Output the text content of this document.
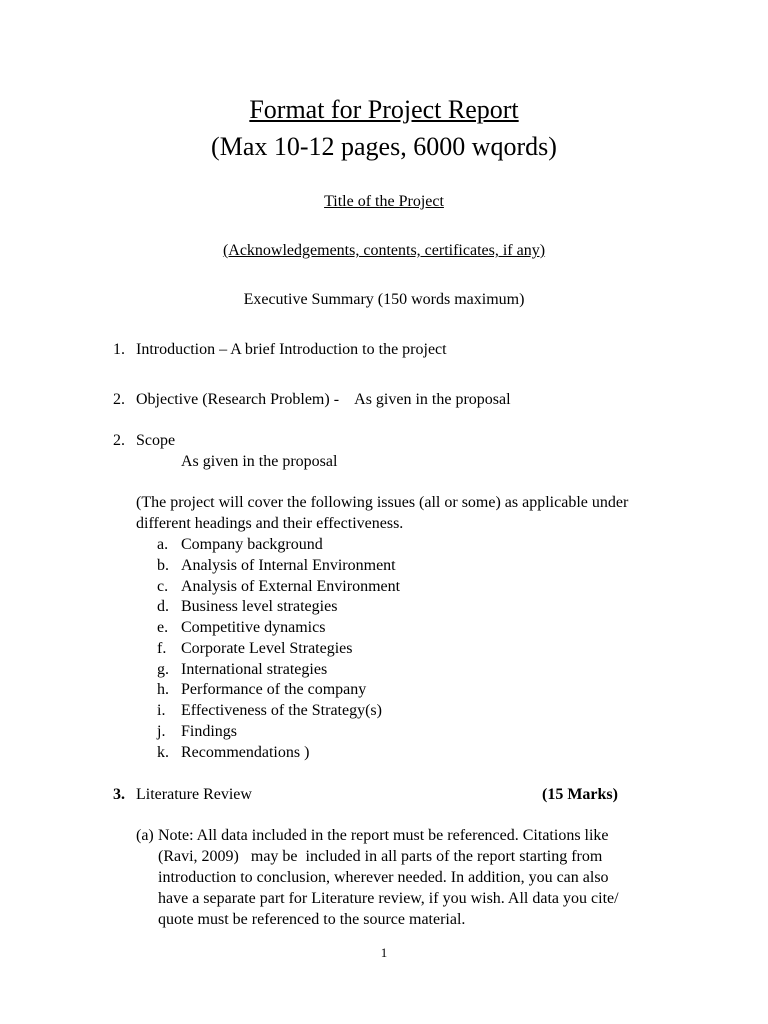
Format for Project Report
(Max 10-12 pages, 6000 wqords)
Title of the Project
(Acknowledgements, contents, certificates, if any)
Executive Summary (150 words maximum)
1. Introduction – A brief Introduction to the project
2. Objective (Research Problem) -    As given in the proposal
2. Scope
As given in the proposal
(The project will cover the following issues (all or some) as applicable under
different headings and their effectiveness.
a. Company background
b. Analysis of Internal Environment
c. Analysis of External Environment
d. Business level strategies
e. Competitive dynamics
f. Corporate Level Strategies
g. International strategies
h. Performance of the company
i. Effectiveness of the Strategy(s)
j. Findings
k. Recommendations )
3. Literature Review	(15 Marks)
(a) Note: All data included in the report must be referenced. Citations like
(Ravi, 2009)   may be  included in all parts of the report starting from
introduction to conclusion, wherever needed. In addition, you can also
have a separate part for Literature review, if you wish. All data you cite/
quote must be referenced to the source material.
1
